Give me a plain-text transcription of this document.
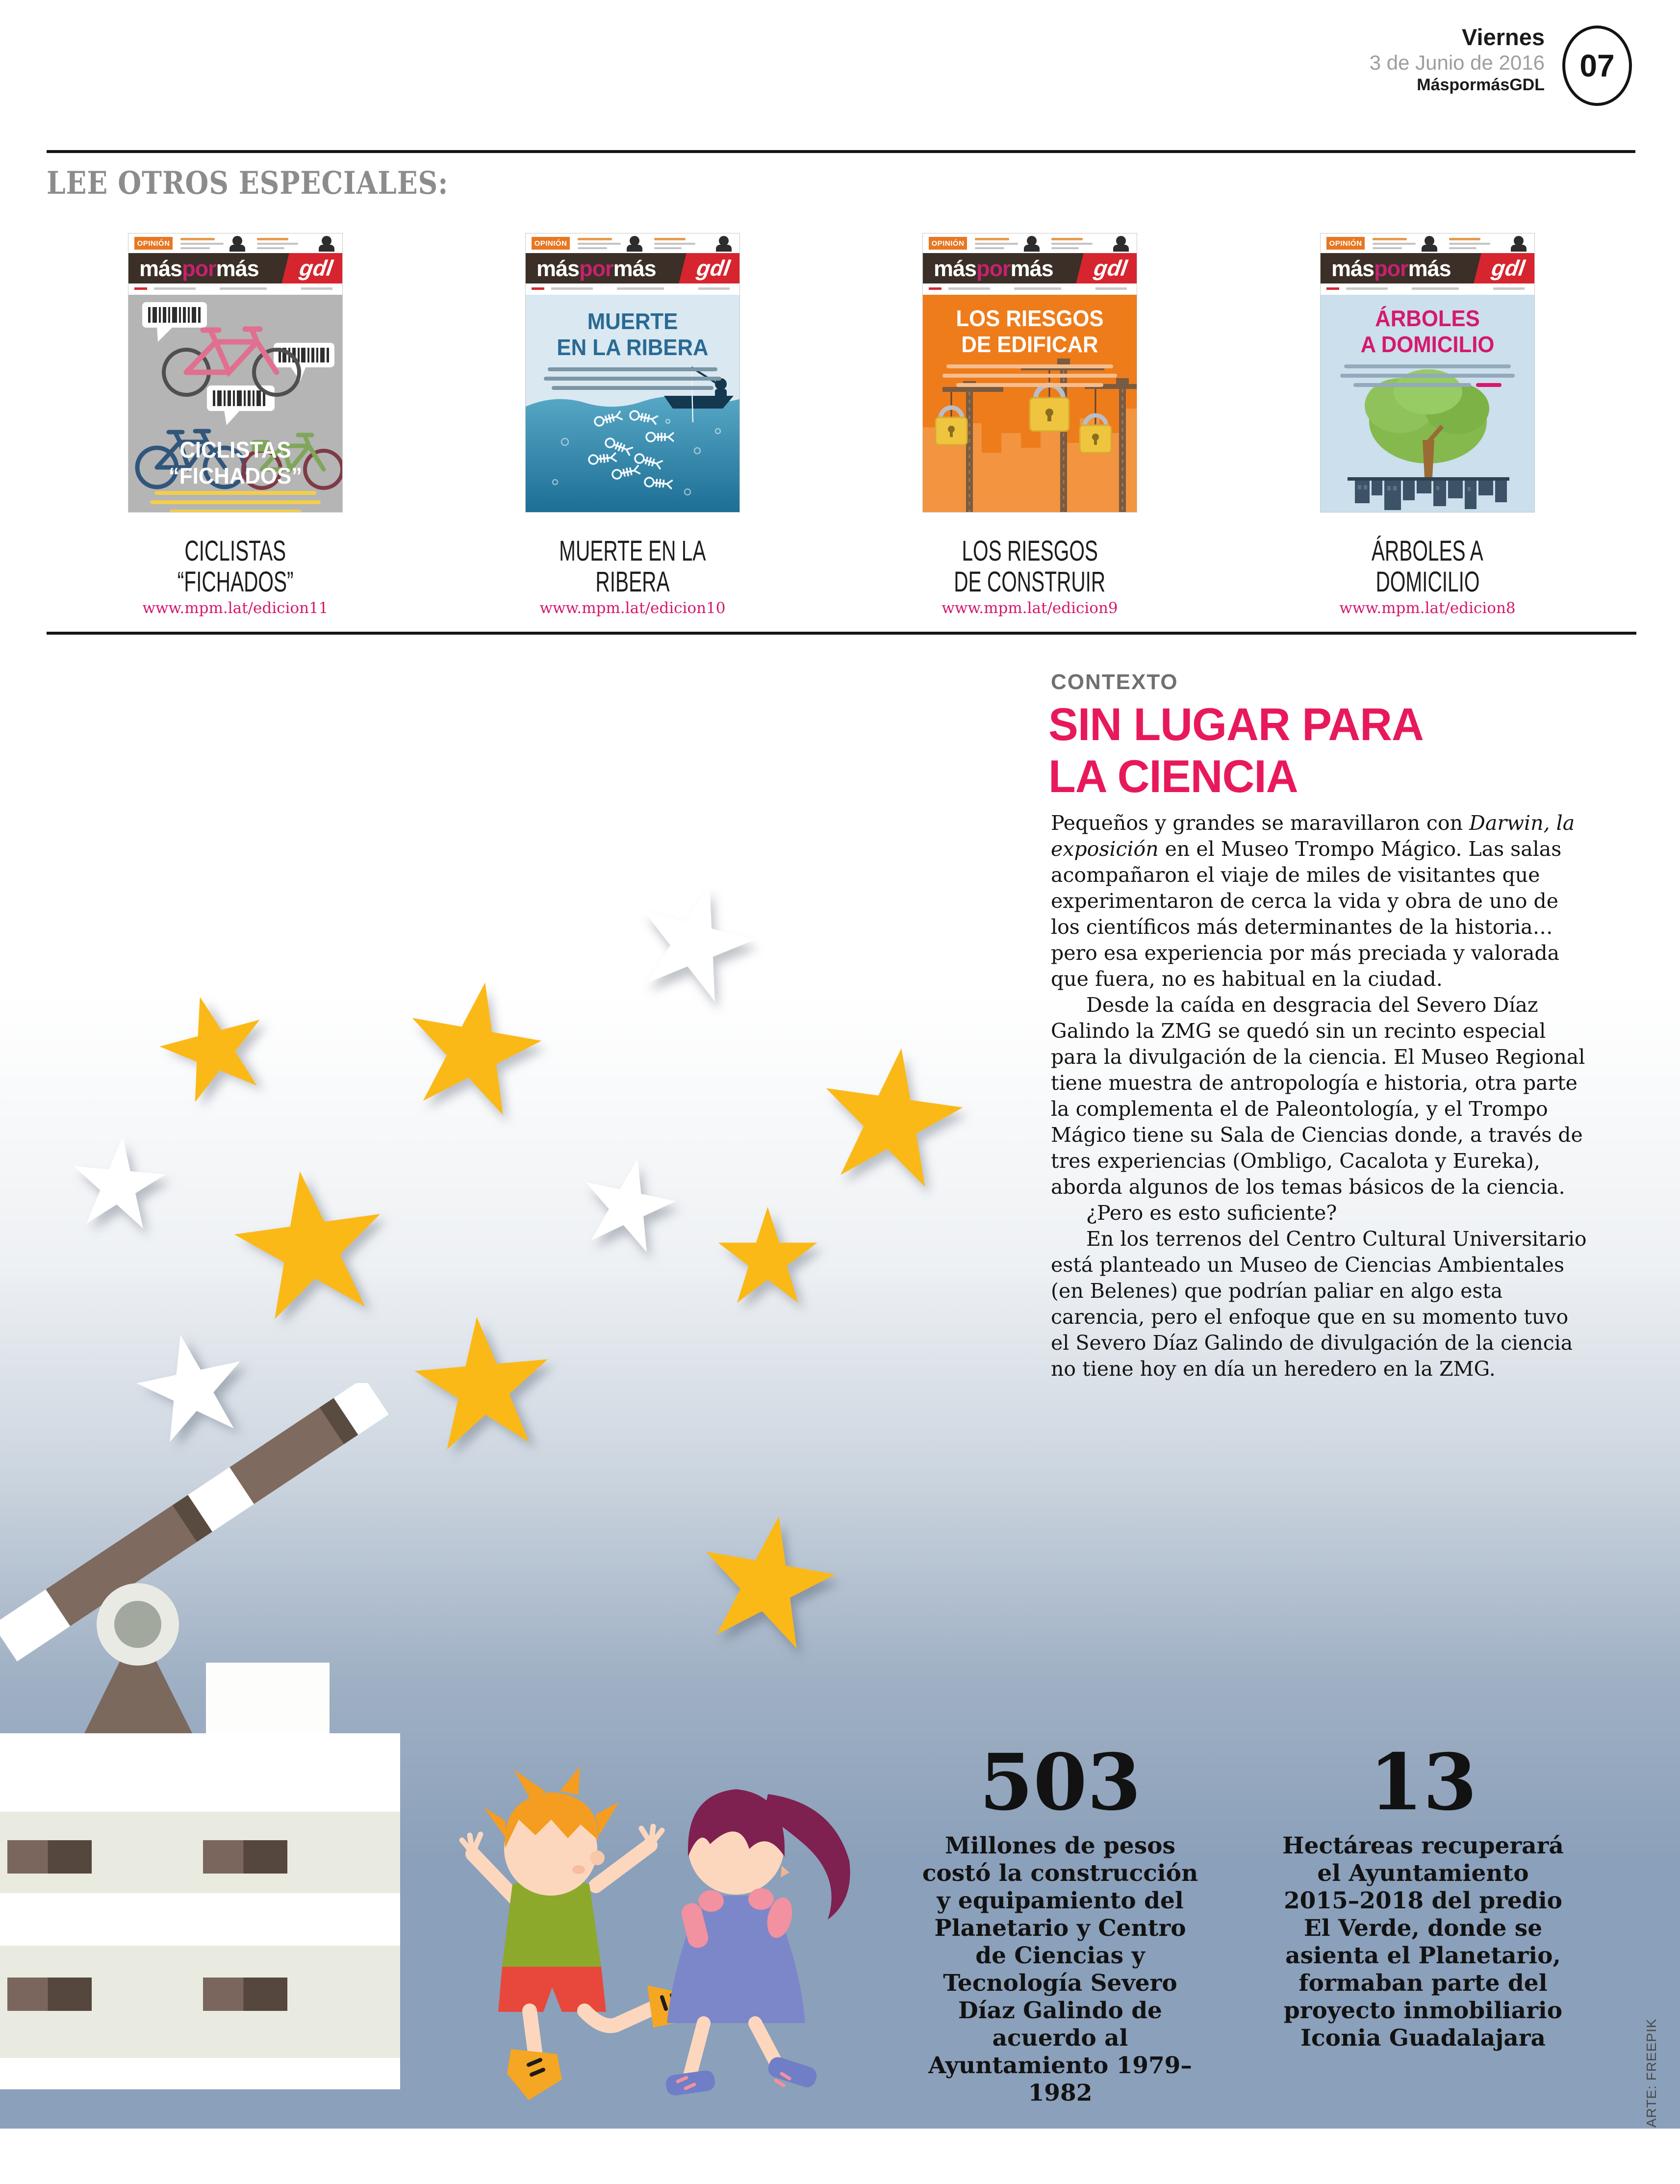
Viernes
3 de Junio de 2016
MáspormásGDL
07
LEE OTROS ESPECIALES:
OPINIÓN
más por más gdl
CICLISTAS
“FICHADOS”
OPINIÓN
más por más gdl
MUERTE
EN LA RIBERA
OPINIÓN
más por más gdl
LOS RIESGOS
DE EDIFICAR
OPINIÓN
más por más gdl
ÁRBOLES
A DOMICILIO
CICLISTAS
“FICHADOS”
www.mpm.lat/edicion11
MUERTE EN LA
RIBERA
www.mpm.lat/edicion10
LOS RIESGOS
DE CONSTRUIR
www.mpm.lat/edicion9
ÁRBOLES A
DOMICILIO
www.mpm.lat/edicion8
CONTEXTO
SIN LUGAR PARA
LA CIENCIA

Pequeños y grandes se maravillaron con Darwin, la exposición en el Museo Trompo Mágico. Las salas acompañaron el viaje de miles de visitantes que experimentaron de cerca la vida y obra de uno de los científicos más determinantes de la historia… pero esa experiencia por más preciada y valorada que fuera, no es habitual en la ciudad.

Desde la caída en desgracia del Severo Díaz Galindo la ZMG se quedó sin un recinto especial para la divulgación de la ciencia. El Museo Regional tiene muestra de antropología e historia, otra parte la complementa el de Paleontología, y el Trompo Mágico tiene su Sala de Ciencias donde, a través de tres experiencias (Ombligo, Cacalota y Eureka), aborda algunos de los temas básicos de la ciencia.

¿Pero es esto suficiente?

En los terrenos del Centro Cultural Universitario está planteado un Museo de Ciencias Ambientales (en Belenes) que podrían paliar en algo esta carencia, pero el enfoque que en su momento tuvo el Severo Díaz Galindo de divulgación de la ciencia no tiene hoy en día un heredero en la ZMG.

503
Millones de pesos costó la construcción y equipamiento del Planetario y Centro de Ciencias y Tecnología Severo Díaz Galindo de acuerdo al Ayuntamiento 1979–1982
13
Hectáreas recuperará el Ayuntamiento 2015–2018 del predio El Verde, donde se asienta el Planetario, formaban parte del proyecto inmobiliario Iconia Guadalajara	ARTE: FREEPIK
